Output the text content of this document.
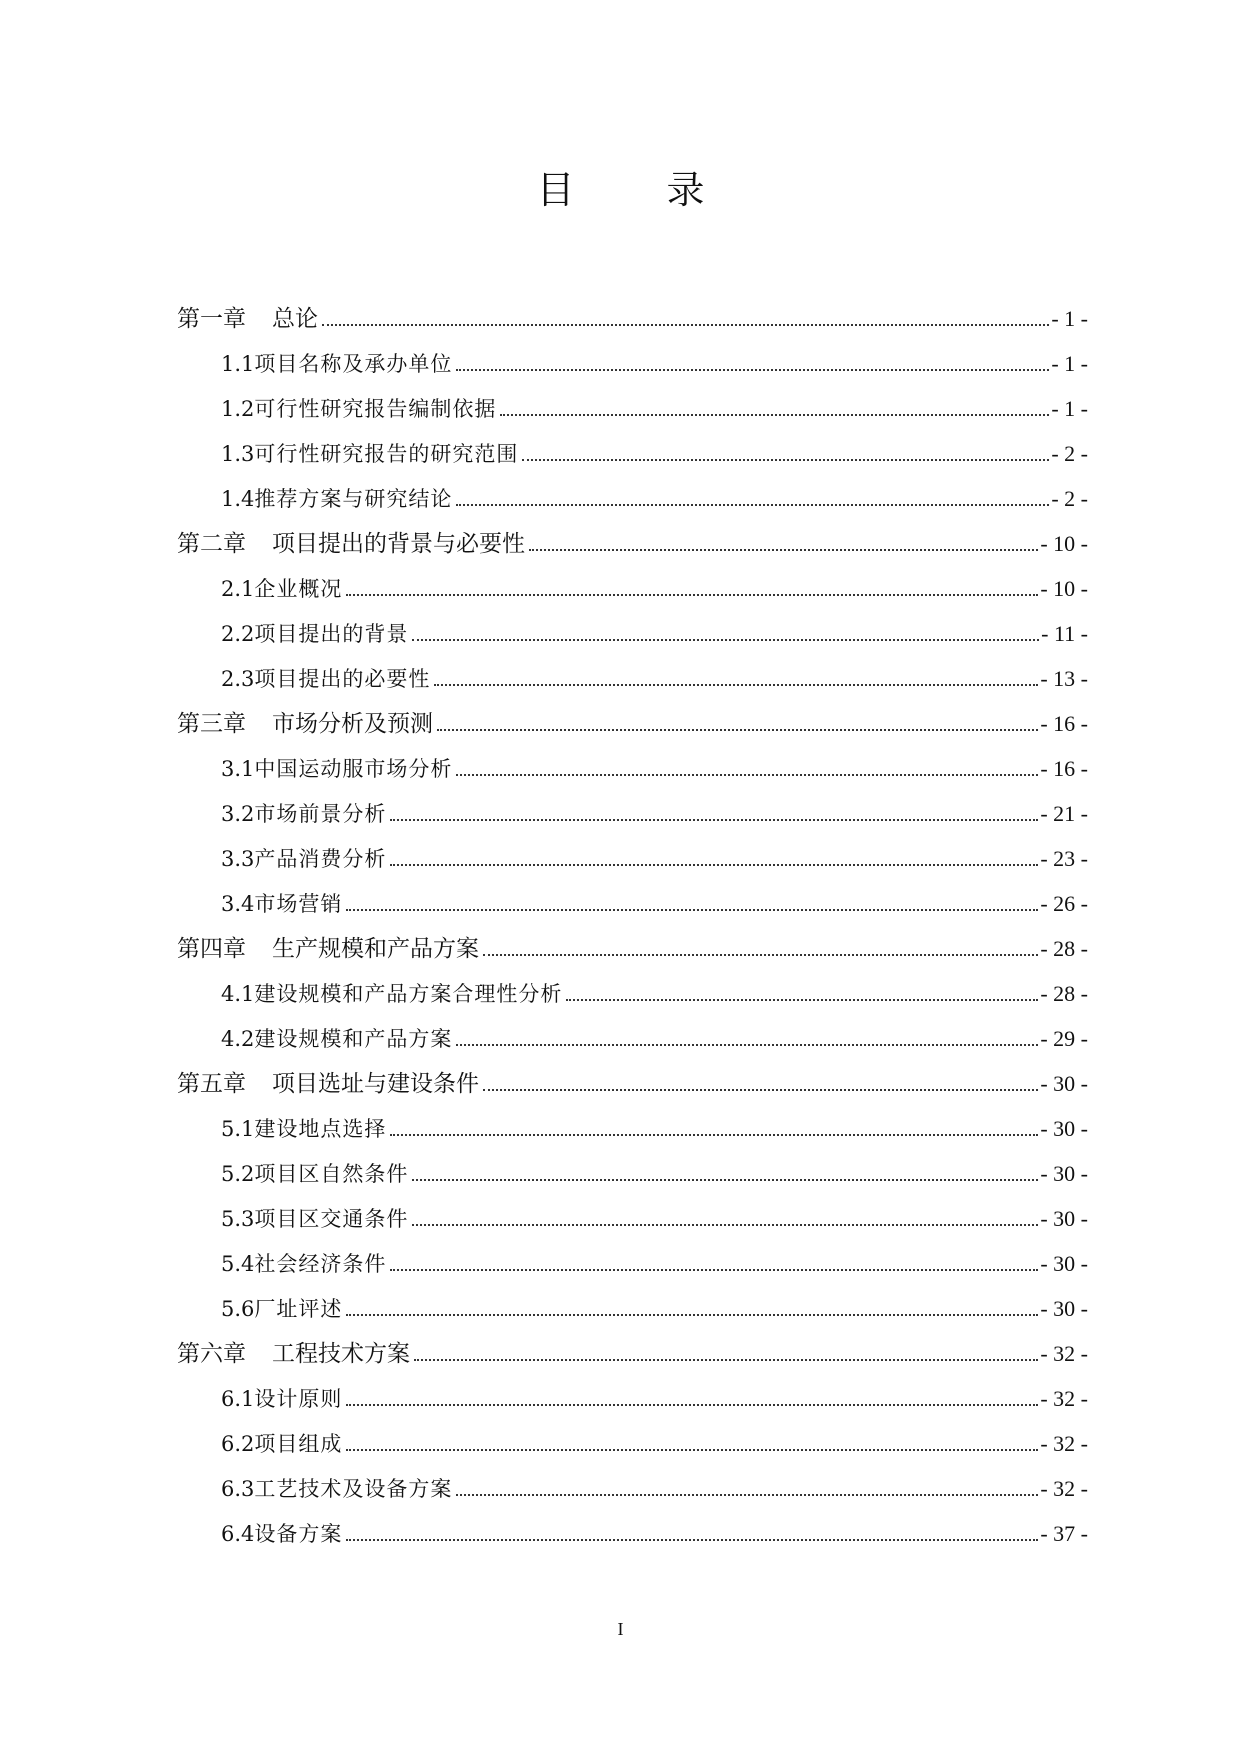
目 录
第一章 总论	- 1 -
1.1项目名称及承办单位	- 1 -
1.2可行性研究报告编制依据	- 1 -
1.3可行性研究报告的研究范围	- 2 -
1.4推荐方案与研究结论	- 2 -
第二章 项目提出的背景与必要性	- 10 -
2.1企业概况	- 10 -
2.2项目提出的背景	- 11 -
2.3项目提出的必要性	- 13 -
第三章 市场分析及预测	- 16 -
3.1中国运动服市场分析	- 16 -
3.2市场前景分析	- 21 -
3.3产品消费分析	- 23 -
3.4市场营销	- 26 -
第四章 生产规模和产品方案	- 28 -
4.1建设规模和产品方案合理性分析	- 28 -
4.2建设规模和产品方案	- 29 -
第五章 项目选址与建设条件	- 30 -
5.1建设地点选择	- 30 -
5.2项目区自然条件	- 30 -
5.3项目区交通条件	- 30 -
5.4社会经济条件	- 30 -
5.6厂址评述	- 30 -
第六章 工程技术方案	- 32 -
6.1设计原则	- 32 -
6.2项目组成	- 32 -
6.3工艺技术及设备方案	- 32 -
6.4设备方案	- 37 -
I
